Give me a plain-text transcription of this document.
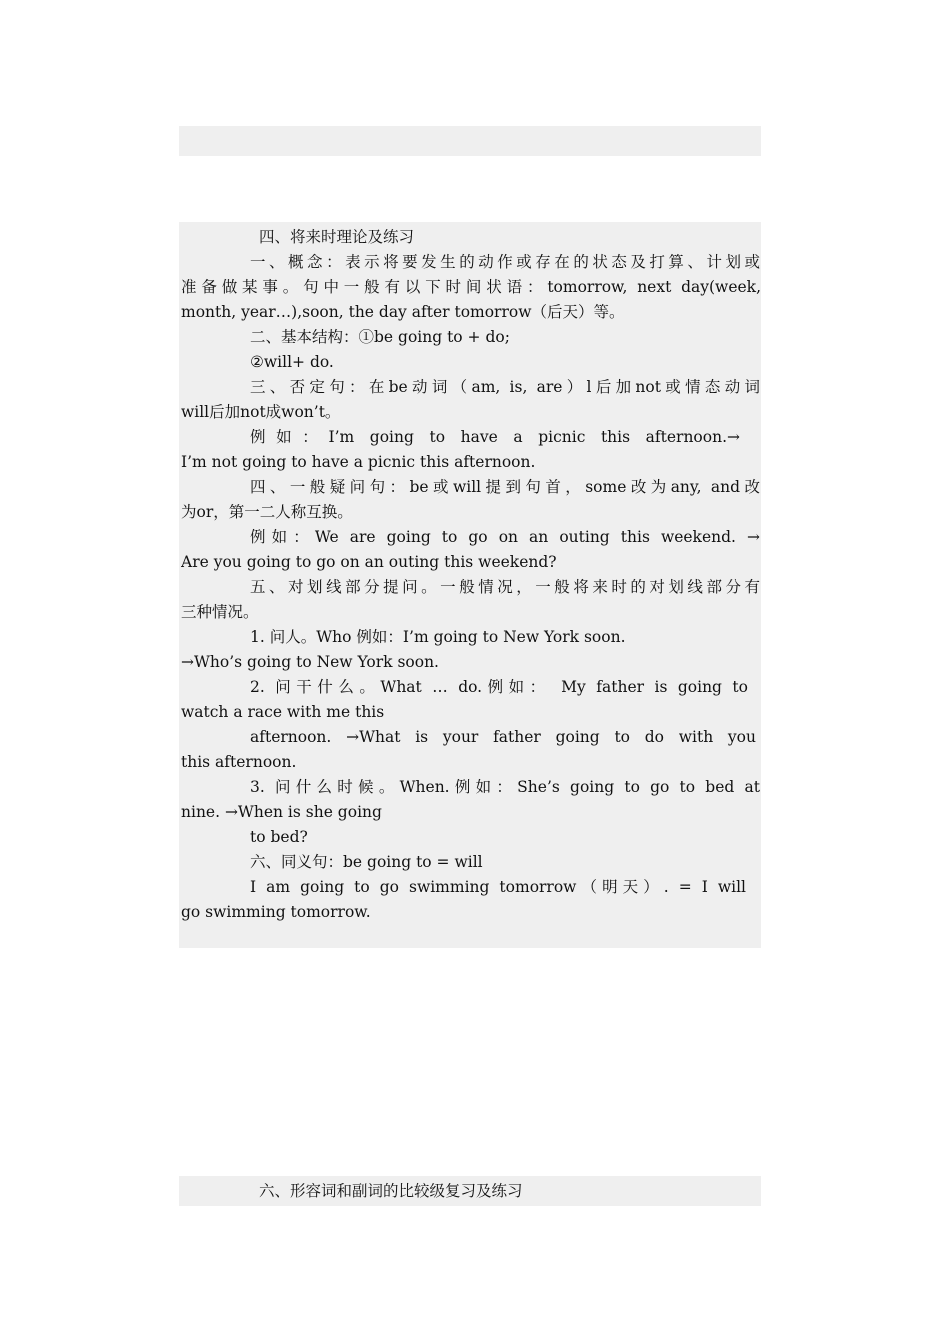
四、将来时理论及练习
一、概念：表示将要发生的动作或存在的状态及打算、计划或
准备做某事。句中一般有以下时间状语：tomorrow, next day(week,
month, year…),soon, the day after tomorrow（后天）等。
二、基本结构：①be going to + do;
②will+ do.
三、否定句：在be动词（am, is, are）l后加not或情态动词
will后加not成won’t。
例如：I’m going to have a picnic this afternoon.→
I’m not going to have a picnic this afternoon.
四、一般疑问句：be或will提到句首，some改为any, and改
为or，第一二人称互换。
例如：We are going to go on an outing this weekend. →
Are you going to go on an outing this weekend?
五、对划线部分提问。一般情况，一般将来时的对划线部分有
三种情况。
1. 问人。Who 例如：I’m going to New York soon.
→Who’s going to New York soon.
2. 问干什么。What … do.例如： My father is going to
watch a race with me this
afternoon. →What is your father going to do with you
this afternoon.
3. 问什么时候。When.例如：She’s going to go to bed at
nine. →When is she going
to bed?
六、同义句：be going to = will
I am going to go swimming tomorrow（明天）. = I will
go swimming tomorrow.
六、形容词和副词的比较级复习及练习
